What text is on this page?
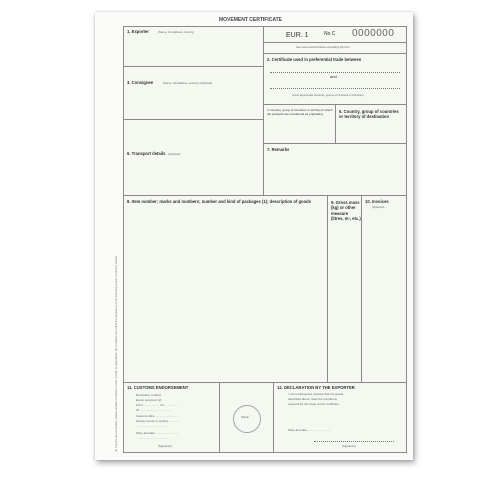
MOVEMENT CERTIFICATE
(1) If goods are not packed, indicate number of articles or state "in bulk" as appropriate. (2) Complete only where the regulations of the exporting country or territory require.
1. Exporter	(Name, full address, country)	EUR. 1	No C 0000000
See notes overleaf before completing this form.
2. Certificate used in preferential trade between
and
(Insert appropriate countries, groups of countries or territories)
3. Consignee	(Name, full address, country) (Optional)
4. Country, group of countries or territory in which the products are considered as originating	5. Country, group of countries or territory of destination
6. Transport details (Optional)
7. Remarks
8. Item number; marks and numbers; number and kind of packages (1); description of goods	9. Gross mass (kg) or other measure (litres, m³, etc.)
10. Invoices
(Optional)
11. CUSTOMS ENDORSEMENT
Declaration certified
Export document (2)
Form ..................... No. ...............
Of ........................................
Customs office ..............................
Issuing country or territory ...............
........................................
Place and date ..............................
........................................
(Signature)
Stamp
12. DECLARATION BY THE EXPORTER
I, the undersigned, declare that the goods
described above meet the conditions
required for the issue of this certificate.
Place and date ..............................
(Signature)
